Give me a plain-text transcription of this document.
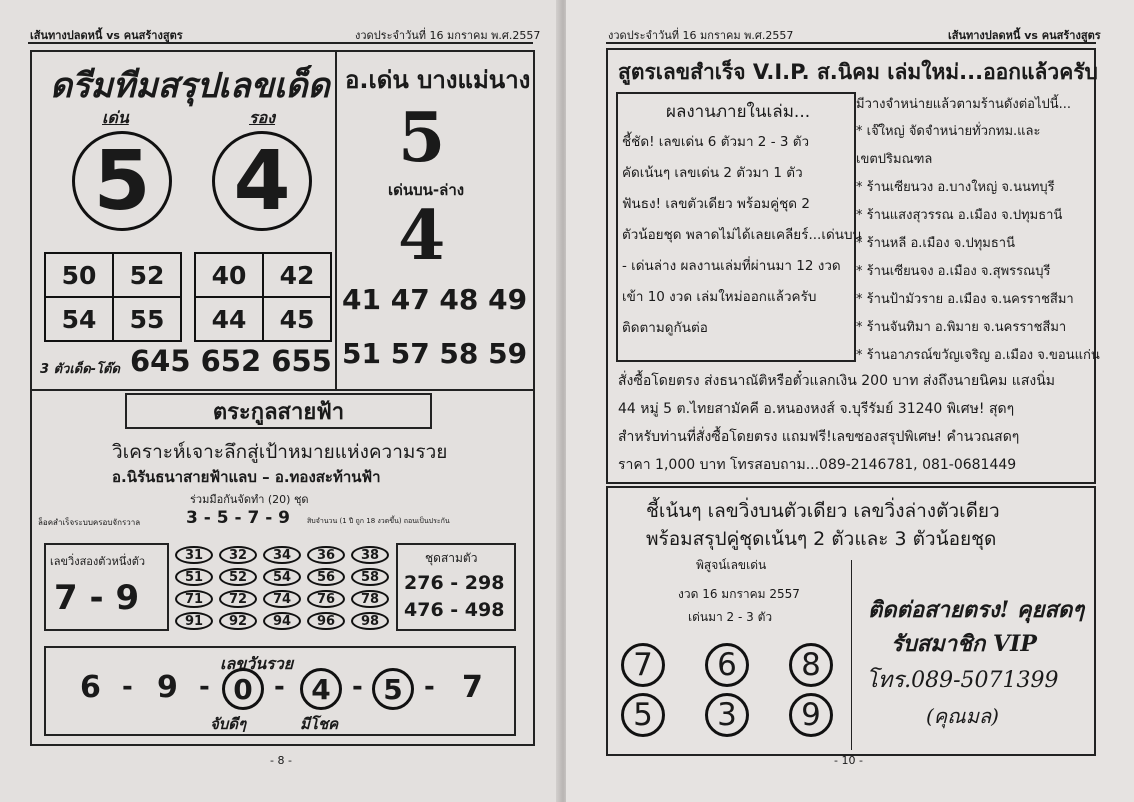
เส้นทางปลดหนี้ vs คนสร้างสูตร	งวดประจำวันที่ 16 มกราคม พ.ศ.2557
ดรีมทีมสรุปเลขเด็ด
เด่น	รอง
5 4
50	52
54	55
40	42
44	45
3 ตัวเด็ด-โต๊ด 645 652 655
อ.เด่น บางแม่นาง
5
เด่นบน-ล่าง
4
41 47 48 49
51 57 58 59
ตระกูลสายฟ้า
วิเคราะห์เจาะลึกสู่เป้าหมายแห่งความรวย
อ.นิรันธนาสายฟ้าแลบ – อ.ทองสะท้านฟ้า
ร่วมมือกันจัดทำ (20) ชุด
ล็อคสำเร็จระบบครอบจักรวาล	3 - 5 - 7 - 9 สิบจำนวน (1 ปี ถูก 18 งวดขึ้น) ถอนเป็นประกัน
เลขวิ่งสองตัวหนึ่งตัว
7 - 9
31	32	34	36	38
51	52	54	56	58
71	72	74	76	78
91	92	94	96	98
ชุดสามตัว
276 - 298
476 - 498
เลขวันรวย
6 - 9 - 0 - 4 - 5 - 7
จับดีๆ	มีโชค
- 8 -
งวดประจำวันที่ 16 มกราคม พ.ศ.2557	เส้นทางปลดหนี้ vs คนสร้างสูตร
สูตรเลขสำเร็จ V.I.P. ส.นิคม เล่มใหม่...ออกแล้วครับ
ผลงานภายในเล่ม...
ชี้ชัด! เลขเด่น 6 ตัวมา 2 - 3 ตัว
คัดเน้นๆ เลขเด่น 2 ตัวมา 1 ตัว
ฟันธง! เลขตัวเดียว พร้อมคู่ชุด 2
ตัวน้อยชุด พลาดไม่ได้เลยเคลียร์...เด่นบน
- เด่นล่าง ผลงานเล่มที่ผ่านมา 12 งวด
เข้า 10 งวด เล่มใหม่ออกแล้วครับ
ติดตามดูกันต่อ
มีวางจำหน่ายแล้วตามร้านดังต่อไปนี้...
* เจ๊ใหญ่ จัดจำหน่ายทั่วกทม.และ
เขตปริมณฑล
* ร้านเซียนวง อ.บางใหญ่ จ.นนทบุรี
* ร้านแสงสุวรรณ อ.เมือง จ.ปทุมธานี
* ร้านหลี อ.เมือง จ.ปทุมธานี
* ร้านเซียนจง อ.เมือง จ.สุพรรณบุรี
* ร้านป้ามัวราย อ.เมือง จ.นครราชสีมา
* ร้านจันทิมา อ.พิมาย จ.นครราชสีมา
* ร้านอาภรณ์ขวัญเจริญ อ.เมือง จ.ขอนแก่น
สั่งซื้อโดยตรง ส่งธนาณัติหรือตั๋วแลกเงิน 200 บาท ส่งถึงนายนิคม แสงนิ่ม
44 หมู่ 5 ต.ไทยสามัคคี อ.หนองหงส์ จ.บุรีรัมย์ 31240 พิเศษ! สุดๆ
สำหรับท่านที่สั่งซื้อโดยตรง แถมฟรี!เลขซองสรุปพิเศษ! คำนวณสดๆ
ราคา 1,000 บาท โทรสอบถาม...089-2146781, 081-0681449
ชี้เน้นๆ เลขวิ่งบนตัวเดียว เลขวิ่งล่างตัวเดียว
พร้อมสรุปคู่ชุดเน้นๆ 2 ตัวและ 3 ตัวน้อยชุด
พิสูจน์เลขเด่น
งวด 16 มกราคม 2557
เด่นมา 2 - 3 ตัว
7	6	8
5	3	9
ติดต่อสายตรง! คุยสดๆ
รับสมาชิก VIP
โทร.089-5071399
(คุณมล)
- 10 -
